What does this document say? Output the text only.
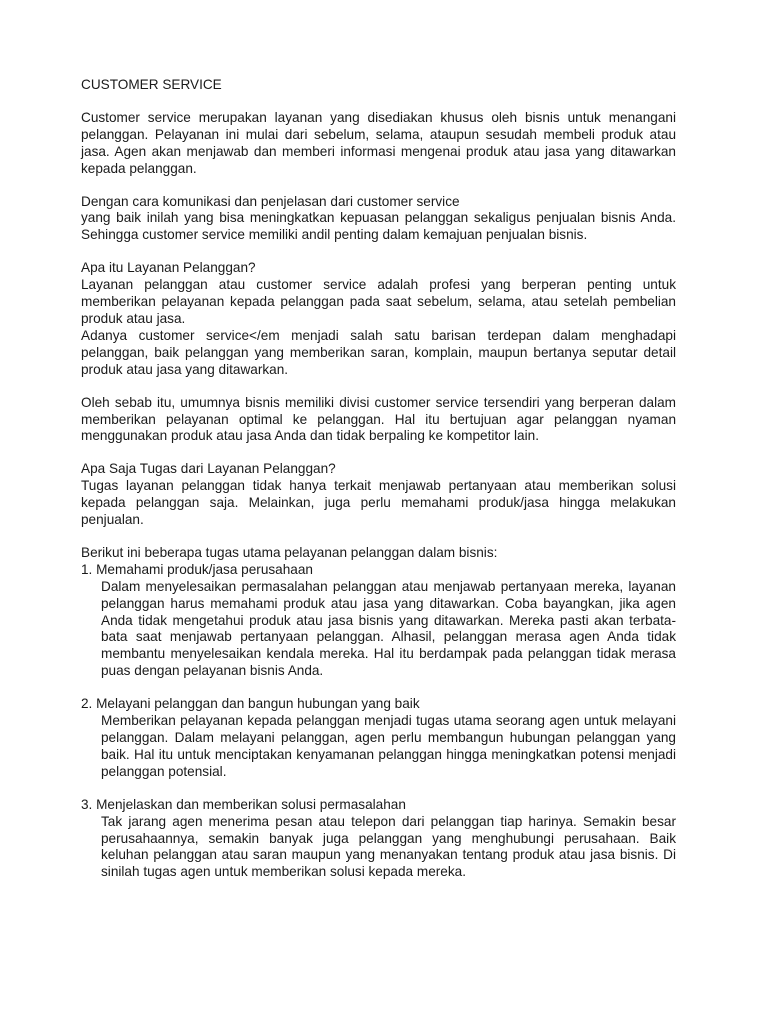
CUSTOMER SERVICE

Customer service merupakan layanan yang disediakan khusus oleh bisnis untuk menangani pelanggan. Pelayanan ini mulai dari sebelum, selama, ataupun sesudah membeli produk atau jasa. Agen akan menjawab dan memberi informasi mengenai produk atau jasa yang ditawarkan kepada pelanggan.

Dengan cara komunikasi dan penjelasan dari customer service

yang baik inilah yang bisa meningkatkan kepuasan pelanggan sekaligus penjualan bisnis Anda. Sehingga customer service memiliki andil penting dalam kemajuan penjualan bisnis.

Apa itu Layanan Pelanggan?

Layanan pelanggan atau customer service adalah profesi yang berperan penting untuk memberikan pelayanan kepada pelanggan pada saat sebelum, selama, atau setelah pembelian produk atau jasa.

Adanya customer service</em menjadi salah satu barisan terdepan dalam menghadapi pelanggan, baik pelanggan yang memberikan saran, komplain, maupun bertanya seputar detail produk atau jasa yang ditawarkan.

Oleh sebab itu, umumnya bisnis memiliki divisi customer service tersendiri yang berperan dalam memberikan pelayanan optimal ke pelanggan. Hal itu bertujuan agar pelanggan nyaman menggunakan produk atau jasa Anda dan tidak berpaling ke kompetitor lain.

Apa Saja Tugas dari Layanan Pelanggan?

Tugas layanan pelanggan tidak hanya terkait menjawab pertanyaan atau memberikan solusi kepada pelanggan saja. Melainkan, juga perlu memahami produk/jasa hingga melakukan penjualan.

Berikut ini beberapa tugas utama pelayanan pelanggan dalam bisnis:

1. Memahami produk/jasa perusahaan

Dalam menyelesaikan permasalahan pelanggan atau menjawab pertanyaan mereka, layanan pelanggan harus memahami produk atau jasa yang ditawarkan. Coba bayangkan, jika agen Anda tidak mengetahui produk atau jasa bisnis yang ditawarkan. Mereka pasti akan terbata-bata saat menjawab pertanyaan pelanggan. Alhasil, pelanggan merasa agen Anda tidak membantu menyelesaikan kendala mereka. Hal itu berdampak pada pelanggan tidak merasa puas dengan pelayanan bisnis Anda.

2. Melayani pelanggan dan bangun hubungan yang baik

Memberikan pelayanan kepada pelanggan menjadi tugas utama seorang agen untuk melayani pelanggan. Dalam melayani pelanggan, agen perlu membangun hubungan pelanggan yang baik. Hal itu untuk menciptakan kenyamanan pelanggan hingga meningkatkan potensi menjadi pelanggan potensial.

3. Menjelaskan dan memberikan solusi permasalahan

Tak jarang agen menerima pesan atau telepon dari pelanggan tiap harinya. Semakin besar perusahaannya, semakin banyak juga pelanggan yang menghubungi perusahaan. Baik keluhan pelanggan atau saran maupun yang menanyakan tentang produk atau jasa bisnis. Di sinilah tugas agen untuk memberikan solusi kepada mereka.
